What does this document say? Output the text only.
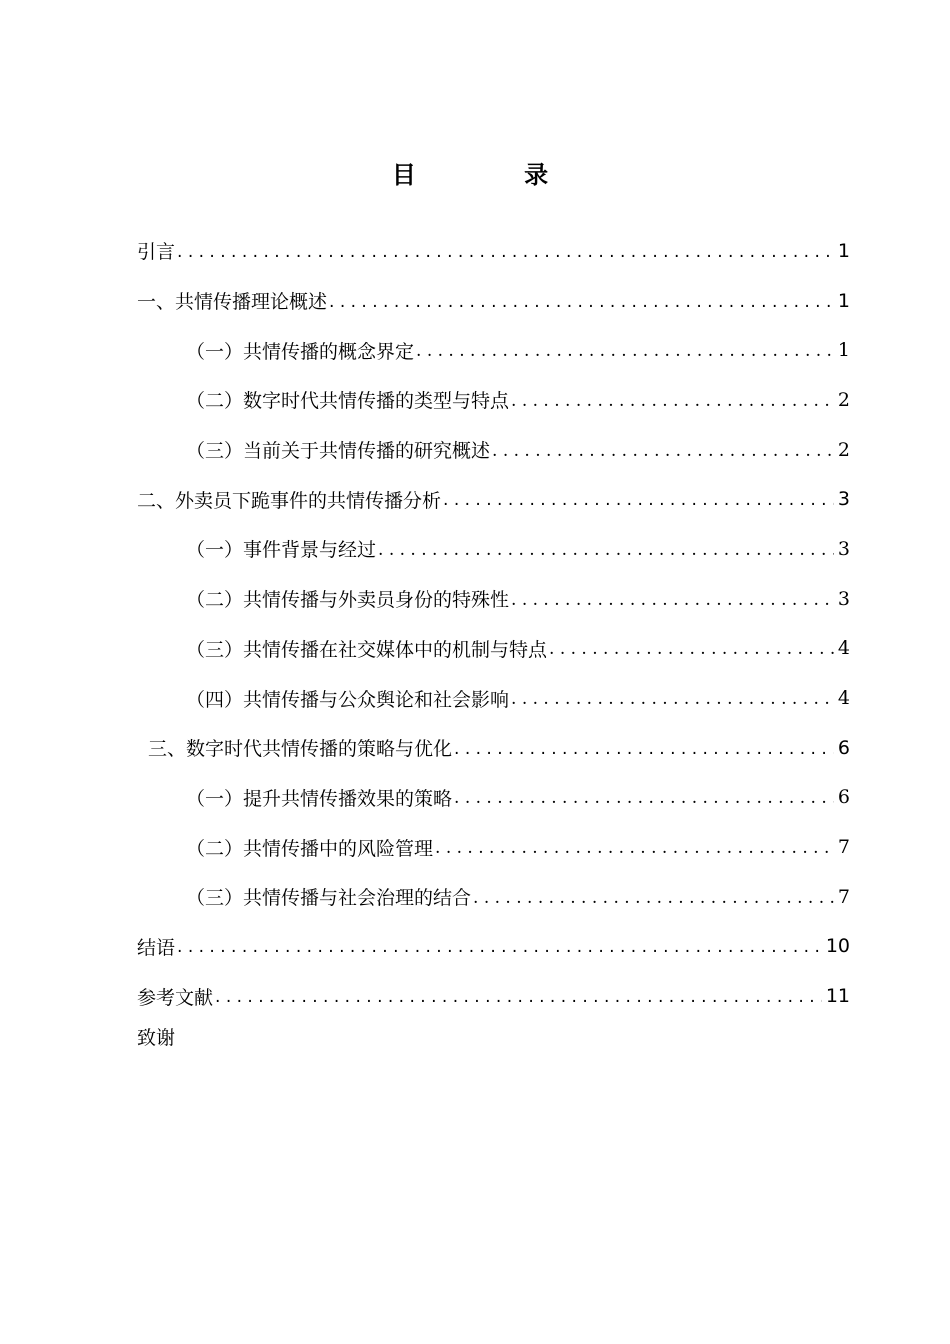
目 录
引言 .....	1
一、共情传播理论概述 .....	1
（一）共情传播的概念界定 .....	1
（二）数字时代共情传播的类型与特点 .....	2
（三）当前关于共情传播的研究概述 .....	2
二、外卖员下跪事件的共情传播分析 .....	3
（一）事件背景与经过 .....	3
（二）共情传播与外卖员身份的特殊性 .....	3
（三）共情传播在社交媒体中的机制与特点 .....	4
（四）共情传播与公众舆论和社会影响 .....	4
三、数字时代共情传播的策略与优化 .....	6
（一）提升共情传播效果的策略 .....	6
（二）共情传播中的风险管理 .....	7
（三）共情传播与社会治理的结合 .....	7
结语 .....	10
参考文献 .....	11
致谢
